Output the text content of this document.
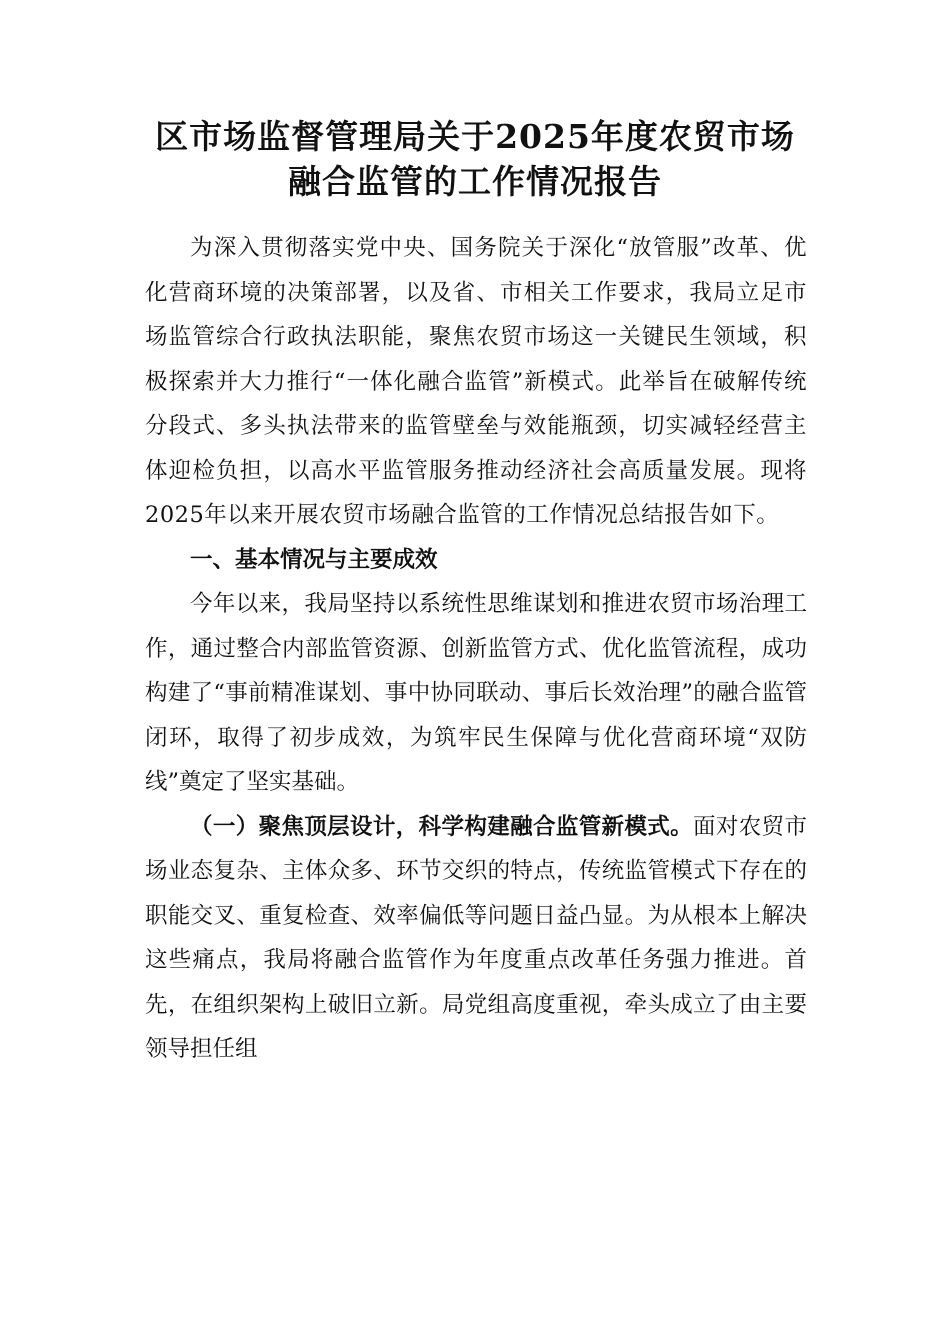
区市场监督管理局关于2025年度农贸市场
融合监管的工作情况报告

为深入贯彻落实党中央、国务院关于深化“放管服”改革、优化营商环境的决策部署，以及省、市相关工作要求，我局立足市场监管综合行政执法职能，聚焦农贸市场这一关键民生领域，积极探索并大力推行“一体化融合监管”新模式。此举旨在破解传统分段式、多头执法带来的监管壁垒与效能瓶颈，切实减轻经营主体迎检负担，以高水平监管服务推动经济社会高质量发展。现将2025年以来开展农贸市场融合监管的工作情况总结报告如下。

一、基本情况与主要成效

今年以来，我局坚持以系统性思维谋划和推进农贸市场治理工作，通过整合内部监管资源、创新监管方式、优化监管流程，成功构建了“事前精准谋划、事中协同联动、事后长效治理”的融合监管闭环，取得了初步成效，为筑牢民生保障与优化营商环境“双防线”奠定了坚实基础。

（一）聚焦顶层设计，科学构建融合监管新模式。面对农贸市场业态复杂、主体众多、环节交织的特点，传统监管模式下存在的职能交叉、重复检查、效率偏低等问题日益凸显。为从根本上解决这些痛点，我局将融合监管作为年度重点改革任务强力推进。首先，在组织架构上破旧立新。局党组高度重视，牵头成立了由主要领导担任组
